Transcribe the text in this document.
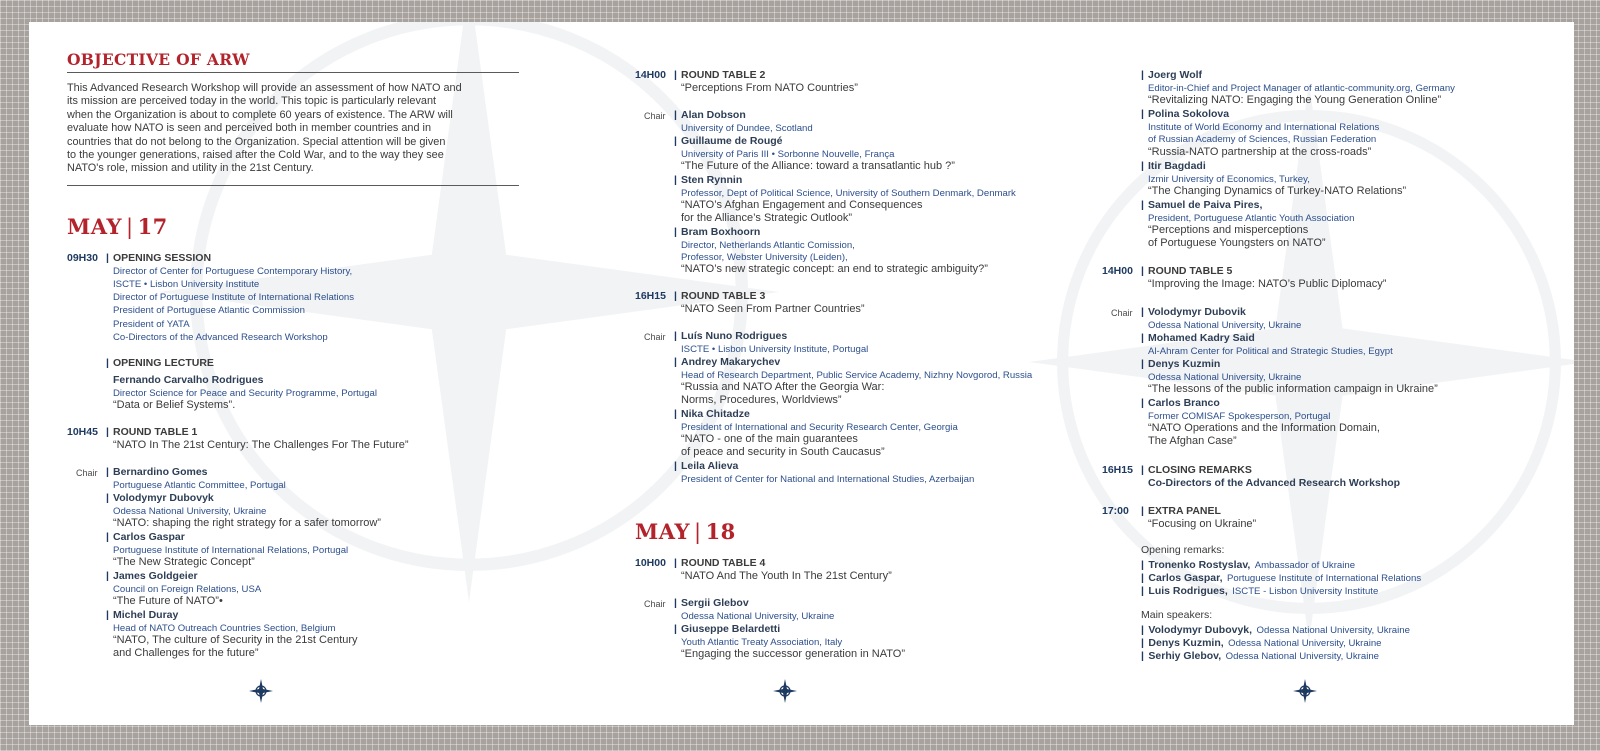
OBJECTIVE OF ARW
This Advanced Research Workshop will provide an assessment of how NATO and
its mission are perceived today in the world. This topic is particularly relevant
when the Organization is about to complete 60 years of existence. The ARW will
evaluate how NATO is seen and perceived both in member countries and in
countries that do not belong to the Organization. Special attention will be given
to the younger generations, raised after the Cold War, and to the way they see
NATO's role, mission and utility in the 21st Century.
MAY | 17
09H30 | OPENING SESSION
Director of Center for Portuguese Contemporary History,
ISCTE • Lisbon University Institute
Director of Portuguese Institute of International Relations
President of Portuguese Atlantic Commission
President of YATA
Co-Directors of the Advanced Research Workshop
| OPENING LECTURE
Fernando Carvalho Rodrigues
Director Science for Peace and Security Programme, Portugal
“Data or Belief Systems”.
10H45 | ROUND TABLE 1
“NATO In The 21st Century: The Challenges For The Future”
Chair | Bernardino Gomes
Portuguese Atlantic Committee, Portugal
| Volodymyr Dubovyk
Odessa National University, Ukraine
“NATO: shaping the right strategy for a safer tomorrow”
| Carlos Gaspar
Portuguese Institute of International Relations, Portugal
“The New Strategic Concept”
| James Goldgeier
Council on Foreign Relations, USA
“The Future of NATO”•
| Michel Duray
Head of NATO Outreach Countries Section, Belgium
“NATO, The culture of Security in the 21st Century
and Challenges for the future”
14H00 | ROUND TABLE 2
“Perceptions From NATO Countries”
Chair | Alan Dobson
University of Dundee, Scotland
| Guillaume de Rougé
University of Paris III • Sorbonne Nouvelle, França
“The Future of the Alliance: toward a transatlantic hub ?”
| Sten Rynnin
Professor, Dept of Political Science, University of Southern Denmark, Denmark
“NATO’s Afghan Engagement and Consequences
for the Alliance’s Strategic Outlook”
| Bram Boxhoorn
Director, Netherlands Atlantic Comission,
Professor, Webster University (Leiden),
“NATO’s new strategic concept: an end to strategic ambiguity?”
16H15 | ROUND TABLE 3
“NATO Seen From Partner Countries”
Chair | Luís Nuno Rodrigues
ISCTE • Lisbon University Institute, Portugal
| Andrey Makarychev
Head of Research Department, Public Service Academy, Nizhny Novgorod, Russia
“Russia and NATO After the Georgia War:
Norms, Procedures, Worldviews”
| Nika Chitadze
President of International and Security Research Center, Georgia
“NATO - one of the main guarantees
of peace and security in South Caucasus”
| Leila Alieva
President of Center for National and International Studies, Azerbaijan
MAY | 18
10H00 | ROUND TABLE 4
“NATO And The Youth In The 21st Century”
Chair | Sergii Glebov
Odessa National University, Ukraine
| Giuseppe Belardetti
Youth Atlantic Treaty Association, Italy
“Engaging the successor generation in NATO”
| Joerg Wolf
Editor-in-Chief and Project Manager of atlantic-community.org, Germany
“Revitalizing NATO: Engaging the Young Generation Online”
| Polina Sokolova
Institute of World Economy and International Relations
of Russian Academy of Sciences, Russian Federation
“Russia-NATO partnership at the cross-roads”
| Itir Bagdadi
Izmir University of Economics, Turkey,
“The Changing Dynamics of Turkey-NATO Relations”
| Samuel de Paiva Pires,
President, Portuguese Atlantic Youth Association
“Perceptions and misperceptions
of Portuguese Youngsters on NATO”
14H00 | ROUND TABLE 5
“Improving the Image: NATO’s Public Diplomacy”
Chair | Volodymyr Dubovik
Odessa National University, Ukraine
| Mohamed Kadry Said
Al-Ahram Center for Political and Strategic Studies, Egypt
| Denys Kuzmin
Odessa National University, Ukraine
“The lessons of the public information campaign in Ukraine”
| Carlos Branco
Former COMISAF Spokesperson, Portugal
“NATO Operations and the Information Domain,
The Afghan Case”
16H15 | CLOSING REMARKS
Co-Directors of the Advanced Research Workshop
17:00 | EXTRA PANEL
“Focusing on Ukraine”
Opening remarks:
| Tronenko Rostyslav, Ambassador of Ukraine
| Carlos Gaspar, Portuguese Institute of International Relations
| Luis Rodrigues, ISCTE - Lisbon University Institute
Main speakers:
| Volodymyr Dubovyk, Odessa National University, Ukraine
| Denys Kuzmin, Odessa National University, Ukraine
| Serhiy Glebov, Odessa National University, Ukraine
